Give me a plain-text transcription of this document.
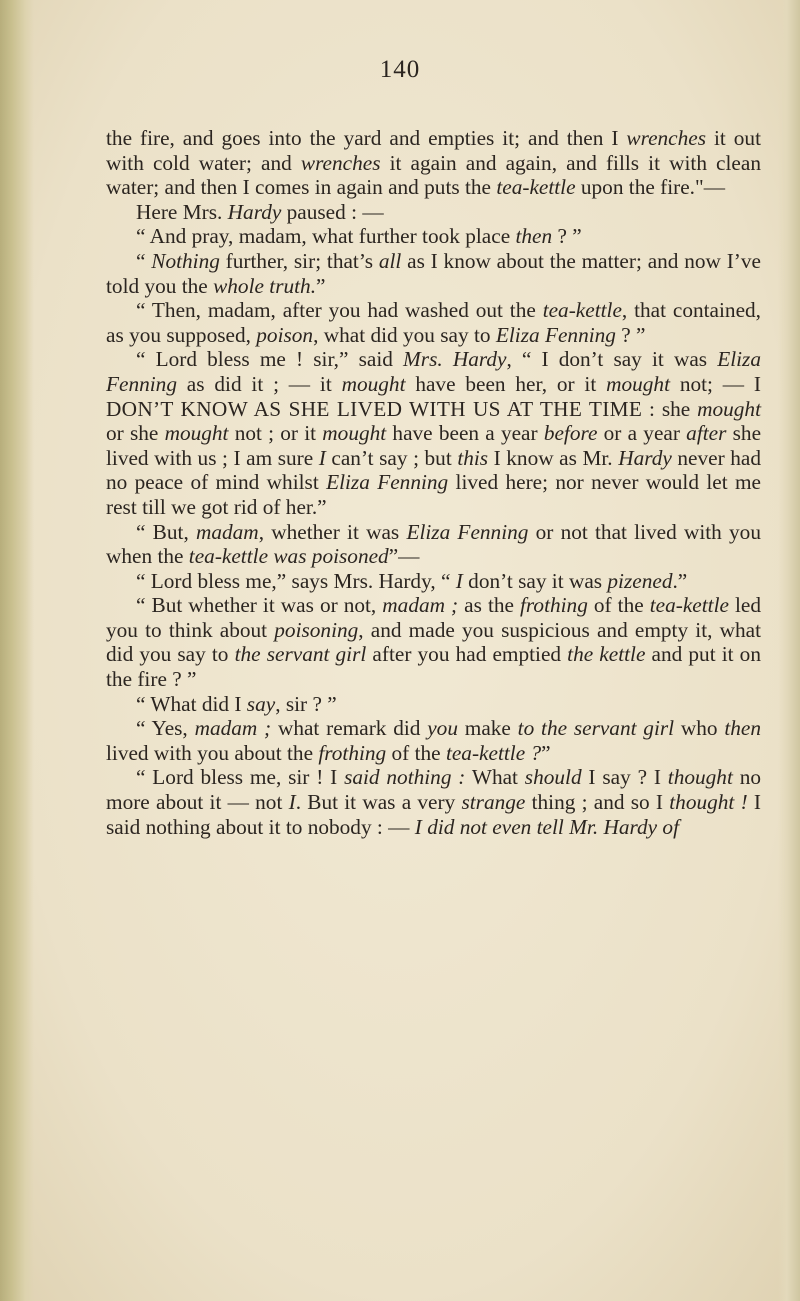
140

the fire, and goes into the yard and empties it; and then I wrenches it out with cold water; and wrenches it again and again, and fills it with clean water; and then I comes in again and puts the tea-kettle upon the fire."—

Here Mrs. Hardy paused : —

“ And pray, madam, what further took place then ? ”

“ Nothing further, sir; that’s all as I know about the matter; and now I’ve told you the whole truth.”

“ Then, madam, after you had washed out the tea-kettle, that contained, as you supposed, poison, what did you say to Eliza Fenning ? ”

“ Lord bless me ! sir,” said Mrs. Hardy, “ I don’t say it was Eliza Fenning as did it ; — it mought have been her, or it mought not; — I DON’T KNOW AS SHE LIVED WITH US AT THE TIME : she mought or she mought not ; or it mought have been a year before or a year after she lived with us ; I am sure I can’t say ; but this I know as Mr. Hardy never had no peace of mind whilst Eliza Fenning lived here; nor never would let me rest till we got rid of her.”

“ But, madam, whether it was Eliza Fenning or not that lived with you when the tea-kettle was poisoned”—

“ Lord bless me,” says Mrs. Hardy, “ I don’t say it was pizened.”

“ But whether it was or not, madam ; as the frothing of the tea-kettle led you to think about poisoning, and made you suspicious and empty it, what did you say to the servant girl after you had emptied the kettle and put it on the fire ? ”

“ What did I say, sir ? ”

“ Yes, madam ; what remark did you make to the servant girl who then lived with you about the frothing of the tea-kettle ?”

“ Lord bless me, sir ! I said nothing : What should I say ? I thought no more about it — not I. But it was a very strange thing ; and so I thought ! I said nothing about it to nobody : — I did not even tell Mr. Hardy of
